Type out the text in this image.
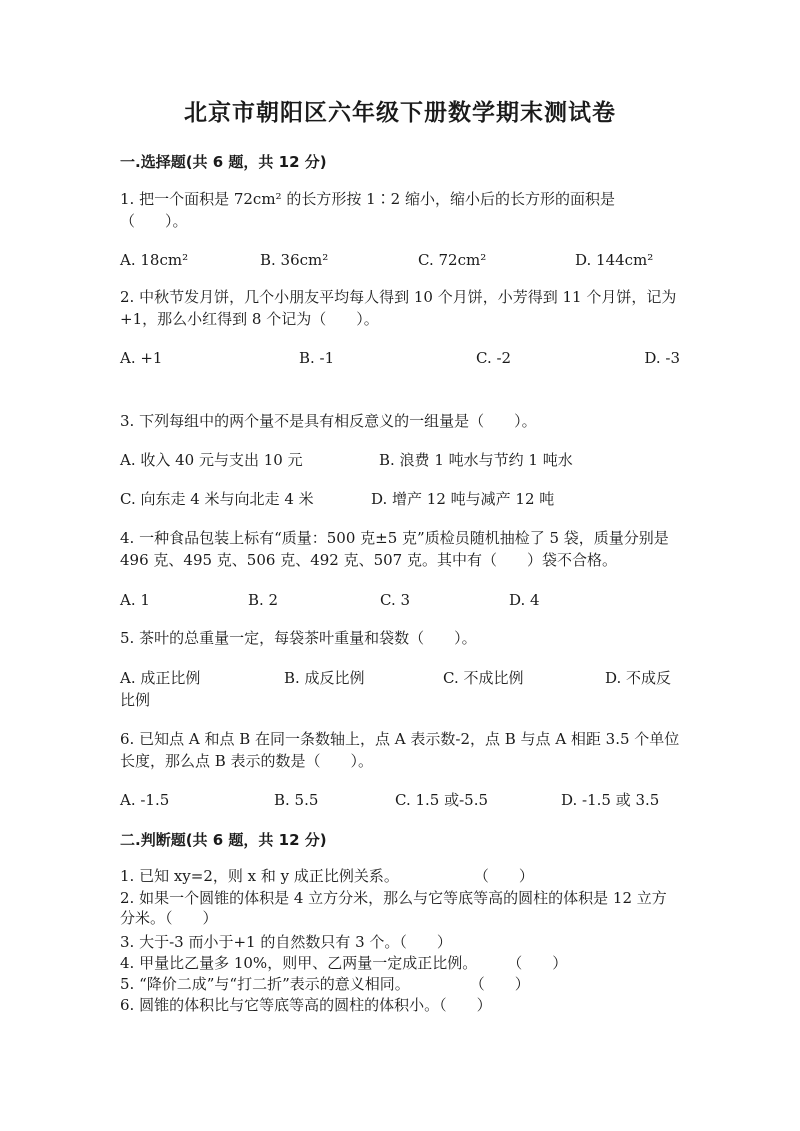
北京市朝阳区六年级下册数学期末测试卷
一.选择题(共 6 题，共 12 分)
1. 把一个面积是 72cm² 的长方形按 1∶2 缩小，缩小后的长方形的面积是（　　）。
A. 18cm²	B. 36cm²	C. 72cm²	D. 144cm²
2. 中秋节发月饼，几个小朋友平均每人得到 10 个月饼，小芳得到 11 个月饼，记为+1，那么小红得到 8 个记为（　　）。
A. +1	B. -1	C. -2	D. -3
3. 下列每组中的两个量不是具有相反意义的一组量是（　　）。
A. 收入 40 元与支出 10 元	B. 浪费 1 吨水与节约 1 吨水
C. 向东走 4 米与向北走 4 米	D. 增产 12 吨与减产 12 吨
4. 一种食品包装上标有“质量：500 克±5 克”质检员随机抽检了 5 袋，质量分别是 496 克、495 克、506 克、492 克、507 克。其中有（　　）袋不合格。
A. 1	B. 2	C. 3	D. 4
5. 茶叶的总重量一定，每袋茶叶重量和袋数（　　）。
A. 成正比例	B. 成反比例	C. 不成比例	D. 不成反比例
6. 已知点 A 和点 B 在同一条数轴上，点 A 表示数-2，点 B 与点 A 相距 3.5 个单位长度，那么点 B 表示的数是（　　）。
A. -1.5	B. 5.5	C. 1.5 或-5.5	D. -1.5 或 3.5
二.判断题(共 6 题，共 12 分)
1. 已知 xy=2，则 x 和 y 成正比例关系。　　　　　　（　　）
2. 如果一个圆锥的体积是 4 立方分米，那么与它等底等高的圆柱的体积是 12 立方分米。（　　）
3. 大于-3 而小于+1 的自然数只有 3 个。（　　）
4. 甲量比乙量多 10%，则甲、乙两量一定成正比例。　　　（　　）
5. “降价二成”与“打二折”表示的意义相同。　　　　　（　　）
6. 圆锥的体积比与它等底等高的圆柱的体积小。（　　）
